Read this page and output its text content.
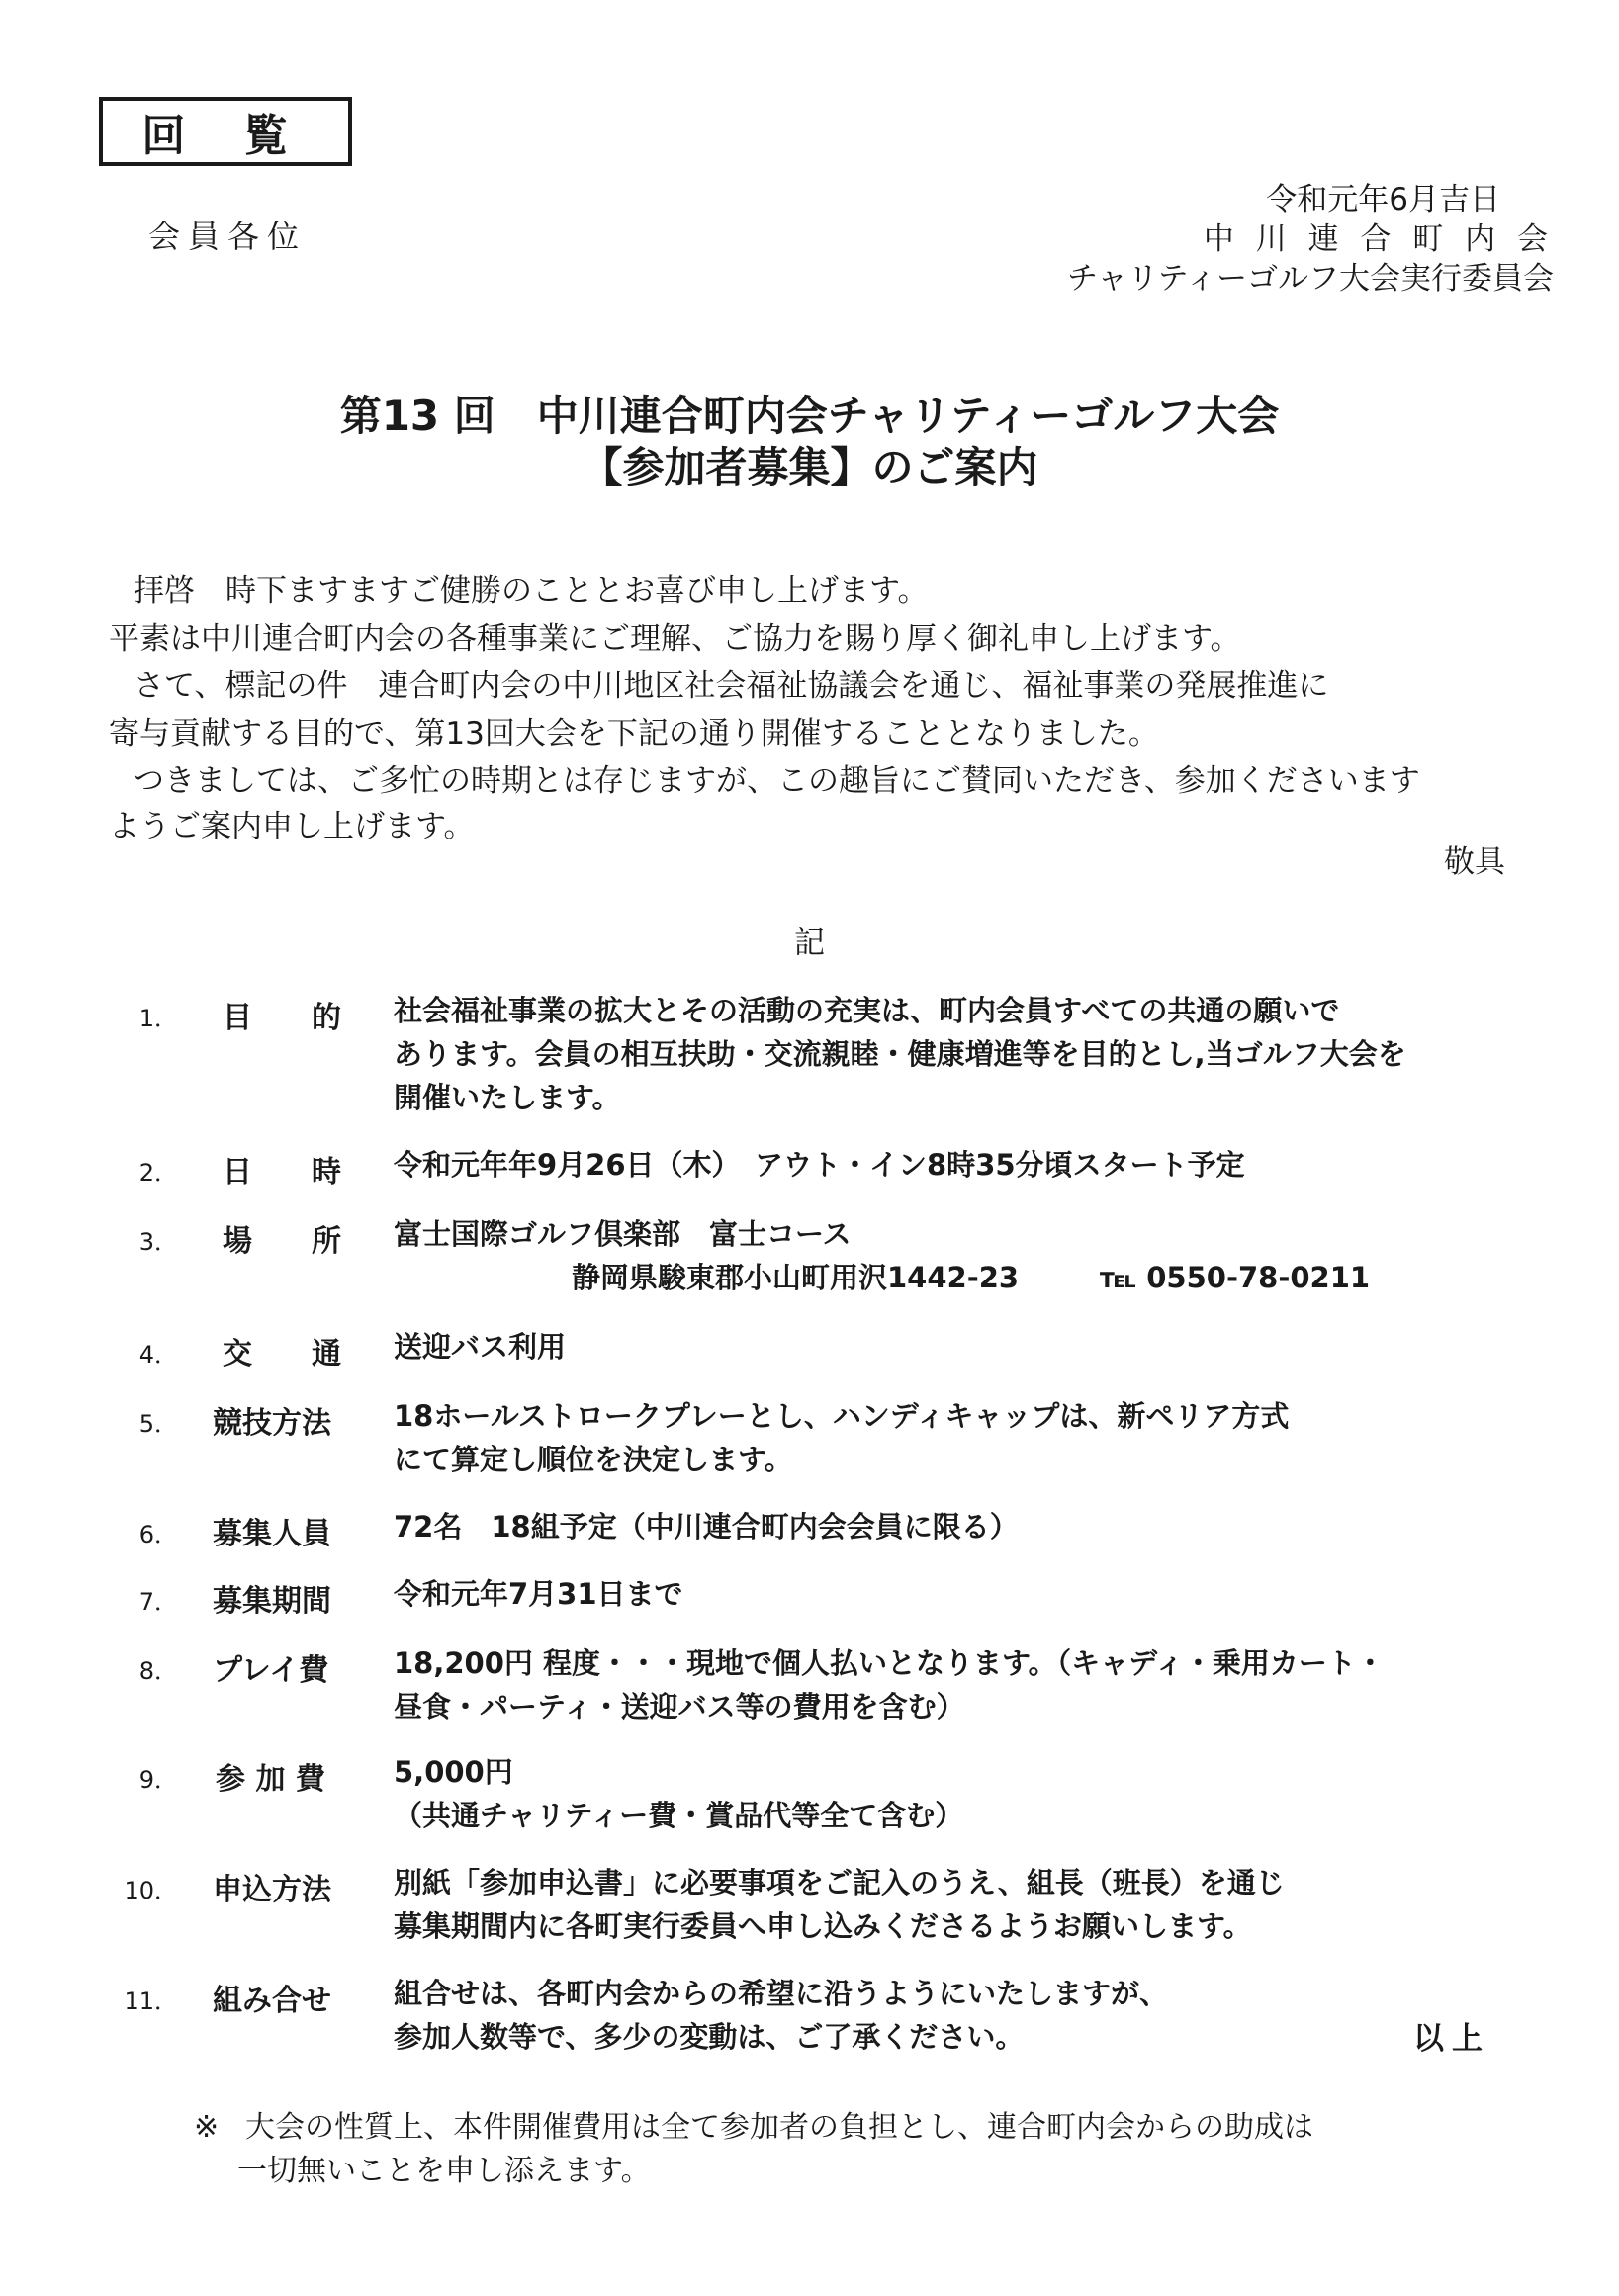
回 覧
会員各位
令和元年6月吉日
中 川 連 合 町 内 会
チャリティーゴルフ大会実行委員会
第13 回　中川連合町内会チャリティーゴルフ大会
【参加者募集】のご案内
拝啓　時下ますますご健勝のこととお喜び申し上げます。
平素は中川連合町内会の各種事業にご理解、ご協力を賜り厚く御礼申し上げます。
さて、標記の件　連合町内会の中川地区社会福祉協議会を通じ、福祉事業の発展推進に
寄与貢献する目的で、第13回大会を下記の通り開催することとなりました。
つきましては、ご多忙の時期とは存じますが、この趣旨にご賛同いただき、参加くださいます
ようご案内申し上げます。
敬具
記
1． 目　　的 社会福祉事業の拡大とその活動の充実は、町内会員すべての共通の願いで
あります。会員の相互扶助・交流親睦・健康増進等を目的とし,当ゴルフ大会を
開催いたします。
2． 日　　時 令和元年年9月26日（木）　アウト・イン8時35分頃スタート予定
3． 場　　所 富士国際ゴルフ倶楽部　富士コース
静岡県駿東郡小山町用沢1442-23	℡ 0550-78-0211
4． 交　　通 送迎バス利用
5． 競技方法 18ホールストロークプレーとし、ハンディキャップは、新ペリア方式
にて算定し順位を決定します。
6． 募集人員 72名　18組予定（中川連合町内会会員に限る）
7． 募集期間 令和元年7月31日まで
8． プレイ費 18,200円 程度・・・現地で個人払いとなります。（キャディ・乗用カート・
昼食・パーティ・送迎バス等の費用を含む）
9． 参 加 費 5,000円
（共通チャリティー費・賞品代等全て含む）
10． 申込方法 別紙「参加申込書」に必要事項をご記入のうえ、組長（班長）を通じ
募集期間内に各町実行委員へ申し込みくださるようお願いします。
11． 組み合せ 組合せは、各町内会からの希望に沿うようにいたしますが、
参加人数等で、多少の変動は、ご了承ください。	以上
※ 大会の性質上、本件開催費用は全て参加者の負担とし、連合町内会からの助成は
一切無いことを申し添えます。
